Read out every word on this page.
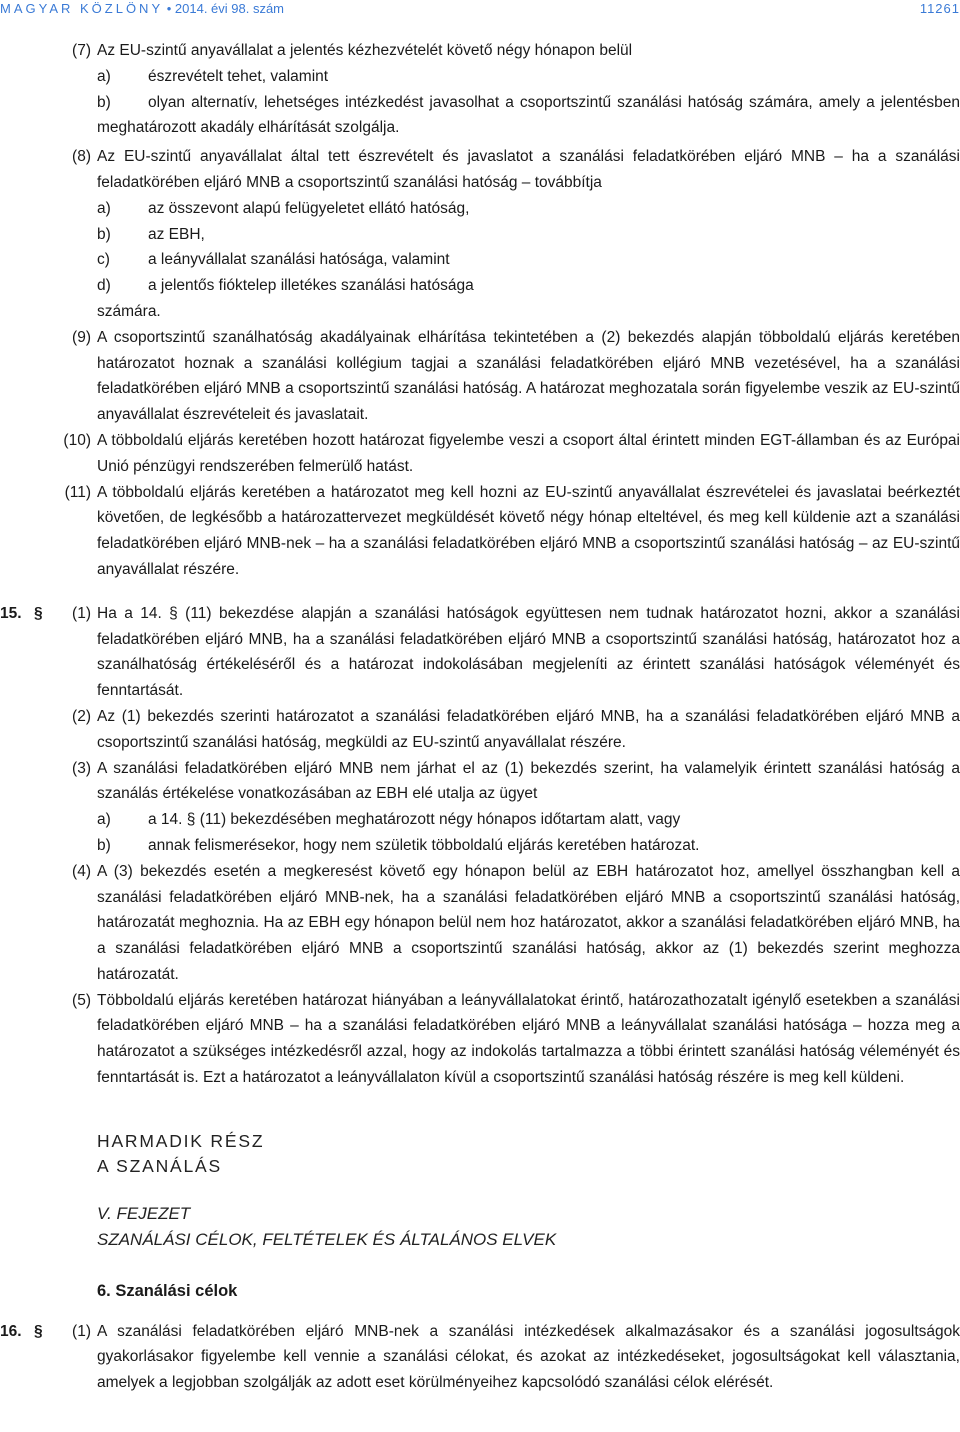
MAGYAR KÖZLÖNY • 2014. évi 98. szám	11261
(7) Az EU-szintű anyavállalat a jelentés kézhezvételét követő négy hónapon belül
a) észrevételt tehet, valamint
b)	olyan alternatív, lehetséges intézkedést javasolhat a csoportszintű szanálási hatóság számára, amely a jelentésben meghatározott akadály elhárítását szolgálja.
(8) Az EU-szintű anyavállalat által tett észrevételt és javaslatot a szanálási feladatkörében eljáró MNB – ha a szanálási feladatkörében eljáró MNB a csoportszintű szanálási hatóság – továbbítja
a) az összevont alapú felügyeletet ellátó hatóság,
b) az EBH,
c) a leányvállalat szanálási hatósága, valamint
d) a jelentős fióktelep illetékes szanálási hatósága
számára.
(9) A csoportszintű szanálhatóság akadályainak elhárítása tekintetében a (2) bekezdés alapján többoldalú eljárás keretében határozatot hoznak a szanálási kollégium tagjai a szanálási feladatkörében eljáró MNB vezetésével, ha a szanálási feladatkörében eljáró MNB a csoportszintű szanálási hatóság. A határozat meghozatala során figyelembe veszik az EU-szintű anyavállalat észrevételeit és javaslatait.
(10) A többoldalú eljárás keretében hozott határozat figyelembe veszi a csoport által érintett minden EGT-államban és az Európai Unió pénzügyi rendszerében felmerülő hatást.
(11) A többoldalú eljárás keretében a határozatot meg kell hozni az EU-szintű anyavállalat észrevételei és javaslatai beérkeztét követően, de legkésőbb a határozattervezet megküldését követő négy hónap elteltével, és meg kell küldenie azt a szanálási feladatkörében eljáró MNB-nek – ha a szanálási feladatkörében eljáró MNB a csoportszintű szanálási hatóság – az EU-szintű anyavállalat részére.
15. §	(1) Ha a 14. § (11) bekezdése alapján a szanálási hatóságok együttesen nem tudnak határozatot hozni, akkor a szanálási feladatkörében eljáró MNB, ha a szanálási feladatkörében eljáró MNB a csoportszintű szanálási hatóság, határozatot hoz a szanálhatóság értékeléséről és a határozat indokolásában megjeleníti az érintett szanálási hatóságok véleményét és fenntartását.
(2) Az (1) bekezdés szerinti határozatot a szanálási feladatkörében eljáró MNB, ha a szanálási feladatkörében eljáró MNB a csoportszintű szanálási hatóság, megküldi az EU-szintű anyavállalat részére.
(3) A szanálási feladatkörében eljáró MNB nem járhat el az (1) bekezdés szerint, ha valamelyik érintett szanálási hatóság a szanálás értékelése vonatkozásában az EBH elé utalja az ügyet
a) a 14. § (11) bekezdésében meghatározott négy hónapos időtartam alatt, vagy
b) annak felismerésekor, hogy nem születik többoldalú eljárás keretében határozat.
(4) A (3) bekezdés esetén a megkeresést követő egy hónapon belül az EBH határozatot hoz, amellyel összhangban kell a szanálási feladatkörében eljáró MNB-nek, ha a szanálási feladatkörében eljáró MNB a csoportszintű szanálási hatóság, határozatát meghoznia. Ha az EBH egy hónapon belül nem hoz határozatot, akkor a szanálási feladatkörében eljáró MNB, ha a szanálási feladatkörében eljáró MNB a csoportszintű szanálási hatóság, akkor az (1) bekezdés szerint meghozza határozatát.
(5) Többoldalú eljárás keretében határozat hiányában a leányvállalatokat érintő, határozathozatalt igénylő esetekben a szanálási feladatkörében eljáró MNB – ha a szanálási feladatkörében eljáró MNB a leányvállalat szanálási hatósága – hozza meg a határozatot a szükséges intézkedésről azzal, hogy az indokolás tartalmazza a többi érintett szanálási hatóság véleményét és fenntartását is. Ezt a határozatot a leányvállalaton kívül a csoportszintű szanálási hatóság részére is meg kell küldeni.
HARMADIK RÉSZ
A SZANÁLÁS
V. FEJEZET
SZANÁLÁSI CÉLOK, FELTÉTELEK ÉS ÁLTALÁNOS ELVEK
6. Szanálási célok
16. §	(1) A szanálási feladatkörében eljáró MNB-nek a szanálási intézkedések alkalmazásakor és a szanálási jogosultságok gyakorlásakor figyelembe kell vennie a szanálási célokat, és azokat az intézkedéseket, jogosultságokat kell választania, amelyek a legjobban szolgálják az adott eset körülményeihez kapcsolódó szanálási célok elérését.
